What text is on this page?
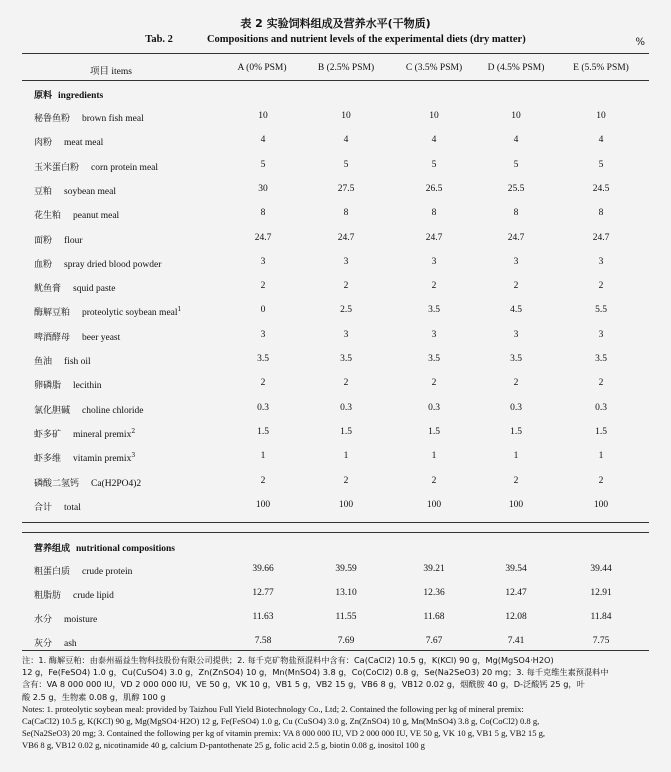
表 2 实验饲料组成及营养水平(干物质)
Tab. 2	Compositions and nutrient levels of the experimental diets (dry matter)	%
项目 items	A (0% PSM)	B (2.5% PSM)	C (3.5% PSM)	D (4.5% PSM)	E (5.5% PSM)
原料 ingredients
秘鲁鱼粉 brown fish meal	10	10	10	10	10
肉粉 meat meal	4	4	4	4	4
玉米蛋白粉 corn protein meal	5	5	5	5	5
豆粕 soybean meal	30	27.5	26.5	25.5	24.5
花生粕 peanut meal	8	8	8	8	8
面粉 flour	24.7	24.7	24.7	24.7	24.7
血粉 spray dried blood powder	3	3	3	3	3
鱿鱼膏 squid paste	2	2	2	2	2
酶解豆粕 proteolytic soybean meal$^1$	0	2.5	3.5	4.5	5.5
啤酒酵母 beer yeast	3	3	3	3	3
鱼油 fish oil	3.5	3.5	3.5	3.5	3.5
卵磷脂 lecithin	2	2	2	2	2
氯化胆碱 choline chloride	0.3	0.3	0.3	0.3	0.3
虾多矿 mineral premix$^2$	1.5	1.5	1.5	1.5	1.5
虾多维 vitamin premix$^3$	1	1	1	1	1
磷酸二氢钙 Ca(H2PO4)2	2	2	2	2	2
合计 total	100	100	100	100	100
营养组成 nutritional compositions
粗蛋白质 crude protein	39.66	39.59	39.21	39.54	39.44
粗脂肪 crude lipid	12.77	13.10	12.36	12.47	12.91
水分 moisture	11.63	11.55	11.68	12.08	11.84
灰分 ash	7.58	7.69	7.67	7.41	7.75

注：1. 酶解豆粕：由泰州福益生物科技股份有限公司提供；2. 每千克矿物盐预混料中含有：Ca(CaCl2) 10.5 g，K(KCl) 90 g，Mg(MgSO4·H2O)

12 g，Fe(FeSO4) 1.0 g，Cu(CuSO4) 3.0 g，Zn(ZnSO4) 10 g，Mn(MnSO4) 3.8 g，Co(CoCl2) 0.8 g，Se(Na2SeO3) 20 mg；3. 每千克维生素预混料中

含有：VA 8 000 000 IU，VD 2 000 000 IU，VE 50 g，VK 10 g，VB1 5 g，VB2 15 g，VB6 8 g，VB12 0.02 g，烟酰胺 40 g，D-泛酸钙 25 g，叶

酸 2.5 g，生物素 0.08 g，肌醇 100 g

Notes: 1. proteolytic soybean meal: provided by Taizhou Full Yield Biotechnology Co., Ltd; 2. Contained the following per kg of mineral premix:

Ca(CaCl2) 10.5 g, K(KCl) 90 g, Mg(MgSO4·H2O) 12 g, Fe(FeSO4) 1.0 g, Cu (CuSO4) 3.0 g, Zn(ZnSO4) 10 g, Mn(MnSO4) 3.8 g, Co(CoCl2) 0.8 g,

Se(Na2SeO3) 20 mg; 3. Contained the following per kg of vitamin premix: VA 8 000 000 IU, VD 2 000 000 IU, VE 50 g, VK 10 g, VB1 5 g, VB2 15 g,

VB6 8 g, VB12 0.02 g, nicotinamide 40 g, calcium D-pantothenate 25 g, folic acid 2.5 g, biotin 0.08 g, inositol 100 g
